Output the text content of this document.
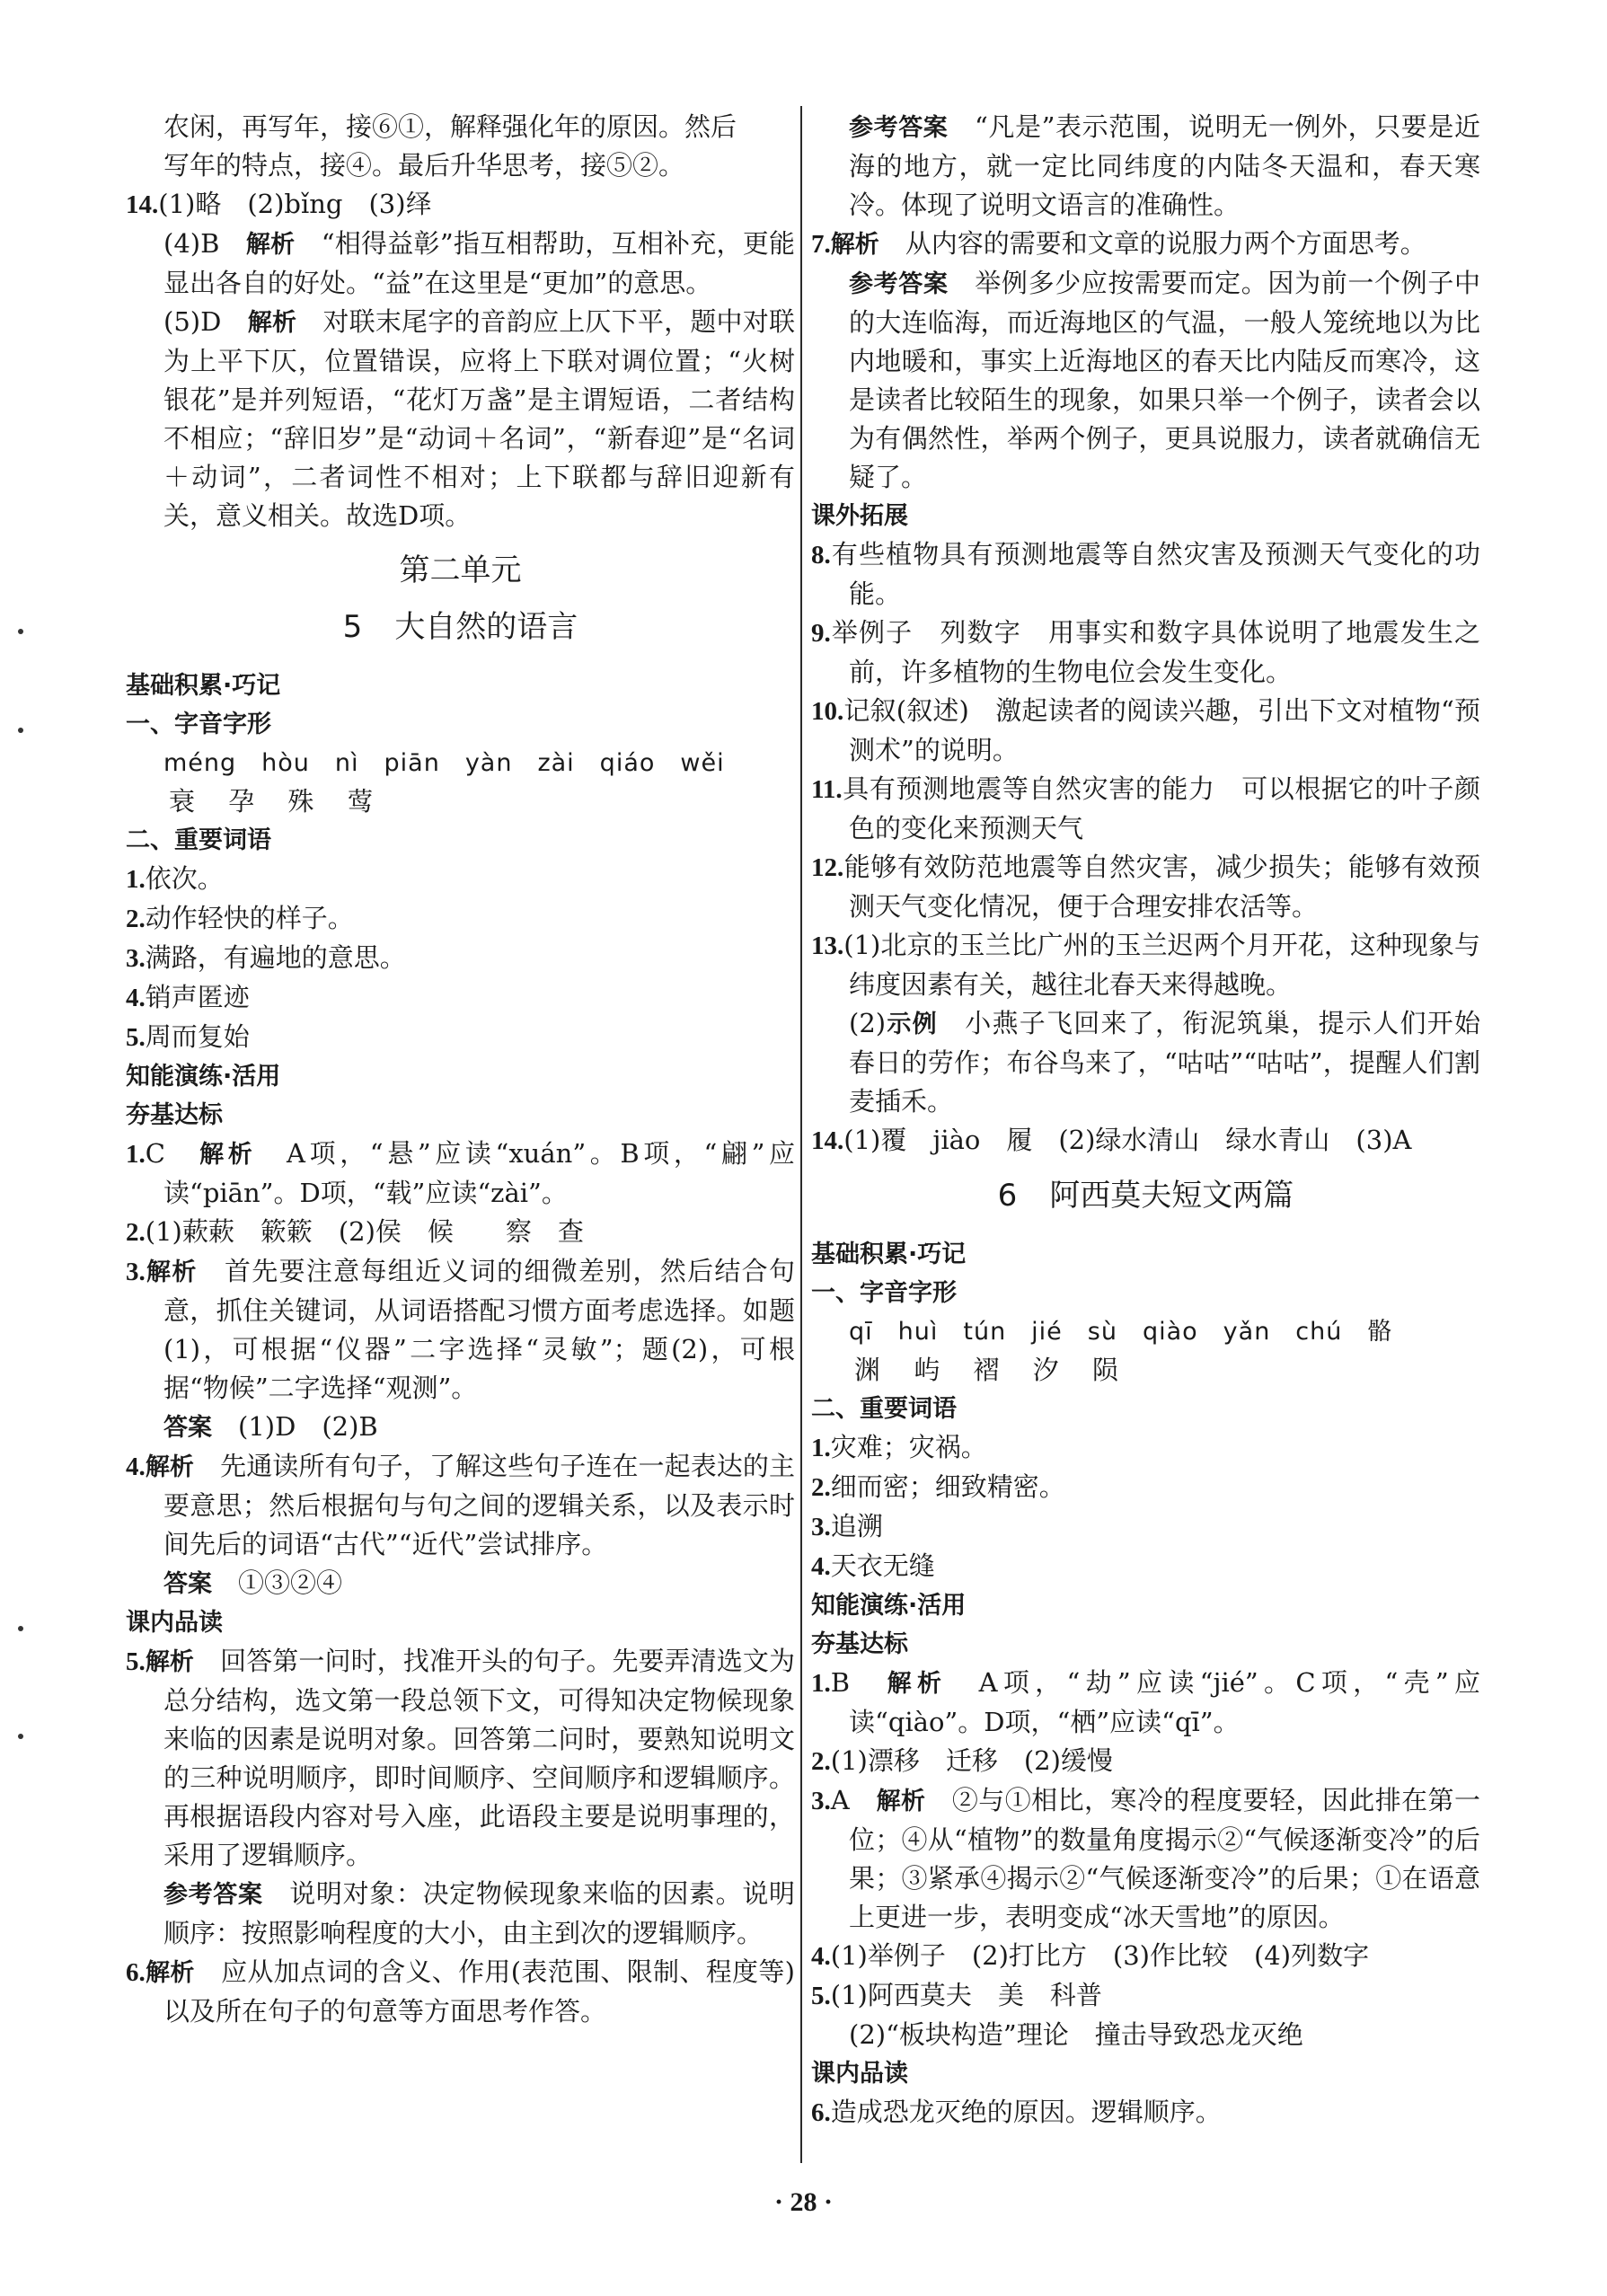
农闲，再写年，接⑥①，解释强化年的原因。然后

写年的特点，接④。最后升华思考，接⑤②。

14.(1)略　(2)bǐng　(3)绎

(4)B　解析　 “相得益彰”指互相帮助，互相补充，更能显出各自的好处。“益”在这里是“更加”的意思。

(5)D　解析　 对联末尾字的音韵应上仄下平，题中对联为上平下仄，位置错误，应将上下联对调位置；“火树银花”是并列短语，“花灯万盏”是主谓短语，二者结构不相应；“辞旧岁”是“动词＋名词”，“新春迎”是“名词＋动词”，二者词性不相对；上下联都与辞旧迎新有关，意义相关。故选D项。

第二单元
5 大自然的语言

基础积累·巧记

一、字音字形

méng　hòu　nì　piān　yàn　zài　qiáo　wěi

衰 孕 殊 莺

二、重要词语

1.依次。

2.动作轻快的样子。

3.满路，有遍地的意思。

4.销声匿迹

5.周而复始

知能演练·活用

夯基达标

1.C　解析　 A项，“悬”应读“xuán”。B项，“翩”应读“piān”。D项，“载”应读“zài”。

2.(1)蔌蔌　簌簌　(2)侯　候　　察　查

3.解析　 首先要注意每组近义词的细微差别，然后结合句意，抓住关键词，从词语搭配习惯方面考虑选择。如题(1)，可根据“仪器”二字选择“灵敏”；题(2)，可根据“物候”二字选择“观测”。

答案　 (1)D　(2)B

4.解析　 先通读所有句子，了解这些句子连在一起表达的主要意思；然后根据句与句之间的逻辑关系，以及表示时间先后的词语“古代”“近代”尝试排序。

答案　 ①③②④

课内品读

5.解析　 回答第一问时，找准开头的句子。先要弄清选文为总分结构，选文第一段总领下文，可得知决定物候现象来临的因素是说明对象。回答第二问时，要熟知说明文的三种说明顺序，即时间顺序、空间顺序和逻辑顺序。再根据语段内容对号入座，此语段主要是说明事理的，采用了逻辑顺序。

参考答案　 说明对象：决定物候现象来临的因素。说明顺序：按照影响程度的大小，由主到次的逻辑顺序。

6.解析　 应从加点词的含义、作用(表范围、限制、程度等)以及所在句子的句意等方面思考作答。

参考答案　 “凡是”表示范围，说明无一例外，只要是近海的地方，就一定比同纬度的内陆冬天温和，春天寒冷。体现了说明文语言的准确性。

7.解析　 从内容的需要和文章的说服力两个方面思考。

参考答案　 举例多少应按需要而定。因为前一个例子中的大连临海，而近海地区的气温，一般人笼统地以为比内地暖和，事实上近海地区的春天比内陆反而寒冷，这是读者比较陌生的现象，如果只举一个例子，读者会以为有偶然性，举两个例子，更具说服力，读者就确信无疑了。

课外拓展

8.有些植物具有预测地震等自然灾害及预测天气变化的功能。

9.举例子　列数字　用事实和数字具体说明了地震发生之前，许多植物的生物电位会发生变化。

10.记叙(叙述)　激起读者的阅读兴趣，引出下文对植物“预测术”的说明。

11.具有预测地震等自然灾害的能力　可以根据它的叶子颜色的变化来预测天气

12.能够有效防范地震等自然灾害，减少损失；能够有效预测天气变化情况，便于合理安排农活等。

13.(1)北京的玉兰比广州的玉兰迟两个月开花，这种现象与纬度因素有关，越往北春天来得越晚。

(2)示例　 小燕子飞回来了，衔泥筑巢，提示人们开始春日的劳作；布谷鸟来了，“咕咕”“咕咕”，提醒人们割麦插禾。

14.(1)覆　jiào　履　(2)绿水清山　绿水青山　(3)A

6 阿西莫夫短文两篇

基础积累·巧记

一、字音字形

qī　huì　tún　jié　sù　qiào　yǎn　chú　骼

渊 屿 褶 汐 陨

二、重要词语

1.灾难；灾祸。

2.细而密；细致精密。

3.追溯

4.天衣无缝

知能演练·活用

夯基达标

1.B　解析　 A项，“劫”应读“jié”。C项，“壳”应读“qiào”。D项，“栖”应读“qī”。

2.(1)漂移　迁移　(2)缓慢

3.A　解析　 ②与①相比，寒冷的程度要轻，因此排在第一位；④从“植物”的数量角度揭示②“气候逐渐变冷”的后果；③紧承④揭示②“气候逐渐变冷”的后果；①在语意上更进一步，表明变成“冰天雪地”的原因。

4.(1)举例子　(2)打比方　(3)作比较　(4)列数字

5.(1)阿西莫夫　美　科普

(2)“板块构造”理论　撞击导致恐龙灭绝

课内品读

6.造成恐龙灭绝的原因。逻辑顺序。

· 28 ·
